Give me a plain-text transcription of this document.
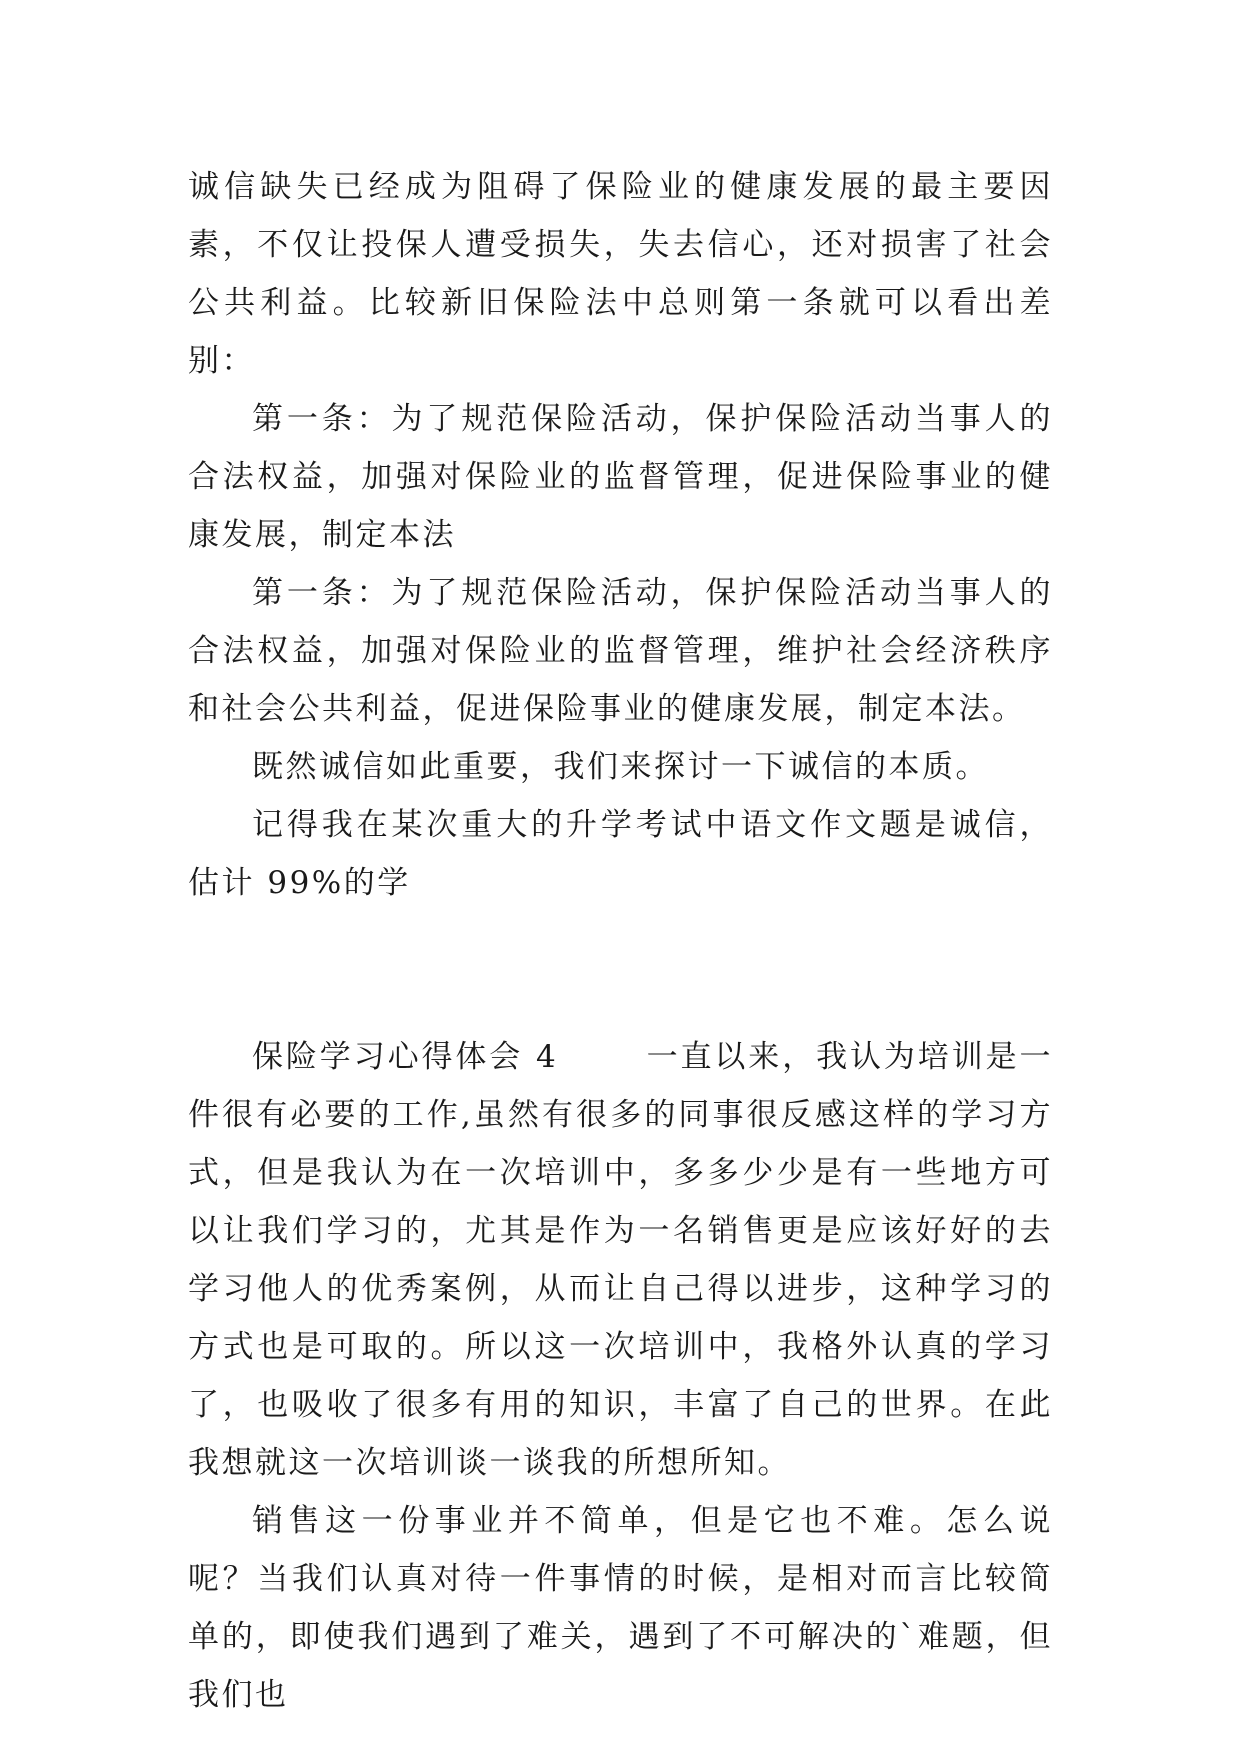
诚信缺失已经成为阻碍了保险业的健康发展的最主要因素，不仅让投保人遭受损失，失去信心，还对损害了社会公共利益。比较新旧保险法中总则第一条就可以看出差别：

第一条：为了规范保险活动，保护保险活动当事人的合法权益，加强对保险业的监督管理，促进保险事业的健康发展，制定本法

第一条：为了规范保险活动，保护保险活动当事人的合法权益，加强对保险业的监督管理，维护社会经济秩序和社会公共利益，促进保险事业的健康发展，制定本法。

既然诚信如此重要，我们来探讨一下诚信的本质。

记得我在某次重大的升学考试中语文作文题是诚信，估计 99%的学

保险学习心得体会 4	一直以来，我认为培训是一件很有必要的工作,虽然有很多的同事很反感这样的学习方式，但是我认为在一次培训中，多多少少是有一些地方可以让我们学习的，尤其是作为一名销售更是应该好好的去学习他人的优秀案例，从而让自己得以进步，这种学习的方式也是可取的。所以这一次培训中，我格外认真的学习了，也吸收了很多有用的知识，丰富了自己的世界。在此我想就这一次培训谈一谈我的所想所知。

销售这一份事业并不简单，但是它也不难。怎么说呢？当我们认真对待一件事情的时候，是相对而言比较简单的，即使我们遇到了难关，遇到了不可解决的`难题，但我们也
